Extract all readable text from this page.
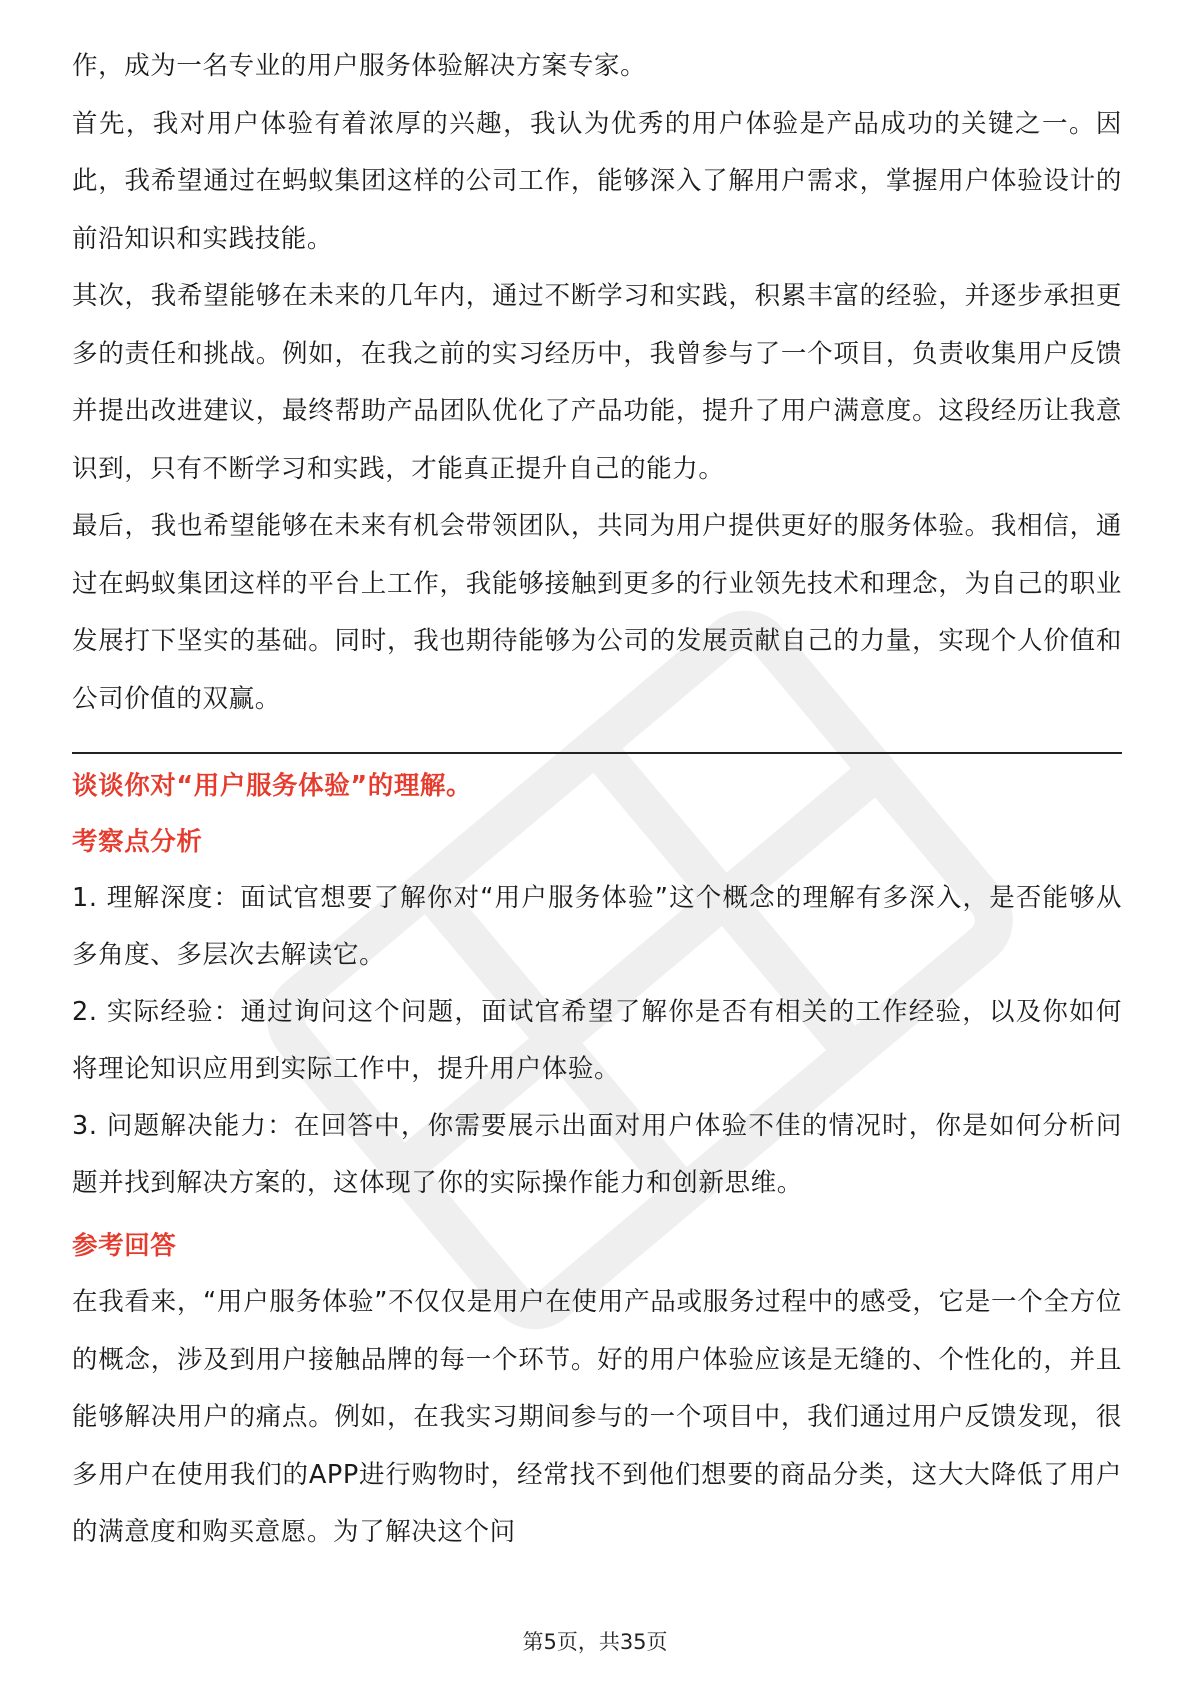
作，成为一名专业的用户服务体验解决方案专家。

首先，我对用户体验有着浓厚的兴趣，我认为优秀的用户体验是产品成功的关键之一。因此，我希望通过在蚂蚁集团这样的公司工作，能够深入了解用户需求，掌握用户体验设计的前沿知识和实践技能。

其次，我希望能够在未来的几年内，通过不断学习和实践，积累丰富的经验，并逐步承担更多的责任和挑战。例如，在我之前的实习经历中，我曾参与了一个项目，负责收集用户反馈并提出改进建议，最终帮助产品团队优化了产品功能，提升了用户满意度。这段经历让我意识到，只有不断学习和实践，才能真正提升自己的能力。

最后，我也希望能够在未来有机会带领团队，共同为用户提供更好的服务体验。我相信，通过在蚂蚁集团这样的平台上工作，我能够接触到更多的行业领先技术和理念，为自己的职业发展打下坚实的基础。同时，我也期待能够为公司的发展贡献自己的力量，实现个人价值和公司价值的双赢。

谈谈你对“用户服务体验”的理解。

考察点分析

1. 理解深度：面试官想要了解你对“用户服务体验”这个概念的理解有多深入，是否能够从多角度、多层次去解读它。

2. 实际经验：通过询问这个问题，面试官希望了解你是否有相关的工作经验，以及你如何将理论知识应用到实际工作中，提升用户体验。

3. 问题解决能力：在回答中，你需要展示出面对用户体验不佳的情况时，你是如何分析问题并找到解决方案的，这体现了你的实际操作能力和创新思维。

参考回答

在我看来，“用户服务体验”不仅仅是用户在使用产品或服务过程中的感受，它是一个全方位的概念，涉及到用户接触品牌的每一个环节。好的用户体验应该是无缝的、个性化的，并且能够解决用户的痛点。例如，在我实习期间参与的一个项目中，我们通过用户反馈发现，很多用户在使用我们的APP进行购物时，经常找不到他们想要的商品分类，这大大降低了用户的满意度和购买意愿。为了解决这个问

第5页，共35页
